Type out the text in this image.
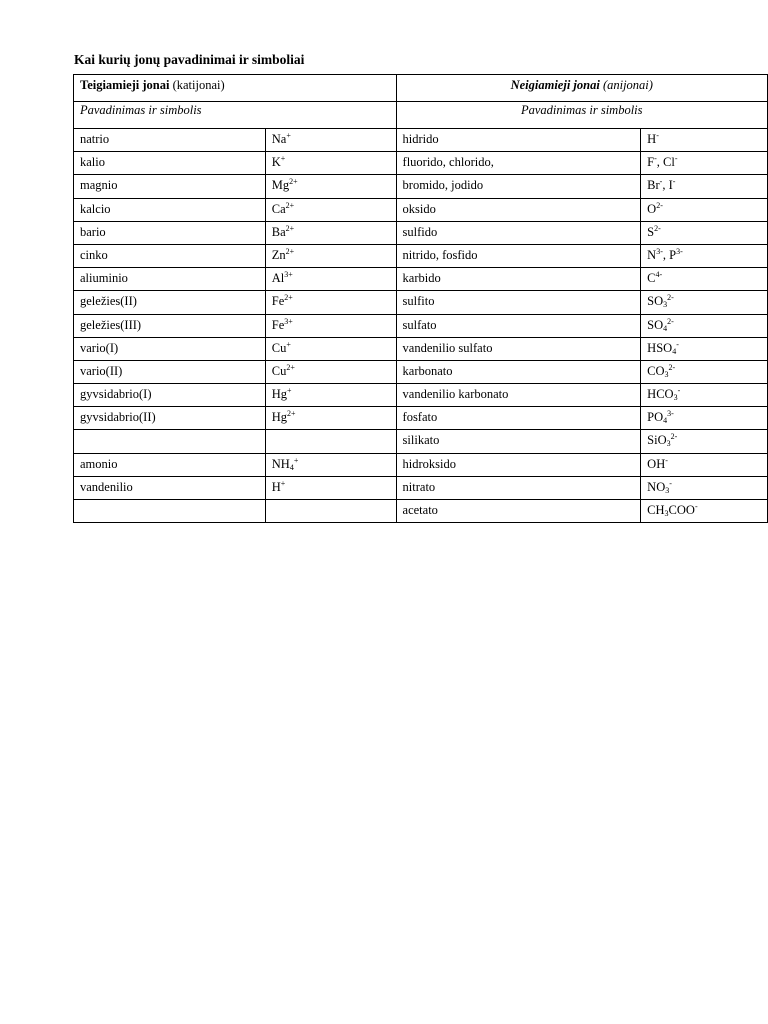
Kai kurių jonų pavadinimai ir simboliai
Teigiamieji jonai (katijonai)		Neigiamieji jonai (anijonai)	
Pavadinimas ir simbolis		Pavadinimas ir simbolis	
natrio	Na+	hidrido	H-
kalio	K+	fluorido, chlorido,	F-, Cl-
magnio	$Mg^{2+}$	bromido, jodido	Br-, I-
kalcio	$Ca^{2+}$	oksido	$O^{2-}$
bario	$Ba^{2+}$	sulfido	$S^{2-}$
cinko	$Zn^{2+}$	nitrido, fosfido	$N^{3-}$, $P^{3-}$
aliuminio	$Al^{3+}$	karbido	$C^{4-}$
geležies(II)	$Fe^{2+}$	sulfito	$SO_3^{2-}$
geležies(III)	$Fe^{3+}$	sulfato	$SO_4^{2-}$
vario(I)	Cu+	vandenilio sulfato	$HSO_4^-$
vario(II)	$Cu^{2+}$	karbonato	$CO_3^{2-}$
gyvsidabrio(I)	Hg+	vandenilio karbonato	$HCO_3^-$
gyvsidabrio(II)	$Hg^{2+}$	fosfato	$PO_4^{3-}$
		silikato	SiO$_3^{2-}$
amonio	$NH_4^+$	hidroksido	OH-
vandenilio	H+	nitrato	$NO_3^-$
		acetato	$CH_3COO^-$
